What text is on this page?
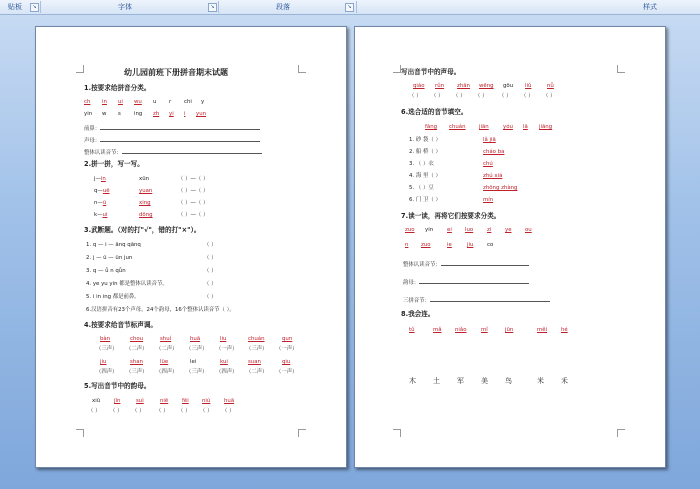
贴板	↘	字体	↘	段落	↘	样式
幼儿园前班下册拼音期末试题
1.按要求给拼音分类。
ch in ui wu u r chi y
yin w s ing zh yi i yun
前鼻：
声母：
整体认读音节：
2.拼一拼，写一写。
j—in	xūn	（ ）—（ ）
q—uē	yuan	（ ）—（ ）
n—ü	xing	（ ）—（ ）
k—ui	dōng	（ ）—（ ）
3.武断题。（对的打"√"，错的打"×"）。
1. q — i — ānq qānq	（ ）
2. j — ü — ün jun	（ ）
3. q — ǖ n qǖn	（ ）
4. ye yu yin 都是整体认读音节。	（ ）
5. i in ing 都是前鼻。	（ ）
6.汉语拼音有23个声母，24个韵母，16个整体认读音节（ ）。
4.按要求给音节标声调。
bàn	chou	shuí	huā	liu	chuán	qun
（三声） （二声） （二声） （三声） （一声） （三声） （一声）
jiu	shan	lüe	lei	kui	suan	qiu
（四声） （三声） （四声） （三声） （四声） （二声） （一声）
5.写出音节中的韵母。
xiū	jīn	suì	niē	fēi niú	huā
（ ） （ ） （ ） （ ） （ ） （ ） （ ）
写出音节中的声母。
qiáo rǔn zhān wēng gōu liǔ	nǚ
（ ） （ ） （ ） （ ） （ ） （ ） （ ）
6.选合适的音节填空。
fāng chuán jiān	yóu lā jiāng
1. 砂 袋（ ）	lǎ jiā
2. 船 桥（ ）	cháo ba
3. （ ）衣	chú
4. 海 里（ ）	zhú xiá
5. （ ）豆	zhōng zhàng
6. 门 卫（ ）	mín
7.读一读，再将它们按要求分类。
zuo yin	ei luo	zi	ye ou
n zuo	ie	jiu	co
整体认读音节：
韵母：
三拼音节：
8.我会连。
tǔ	mǎ niǎo	mǐ	jūn	měi	hé
木 土 军 美 鸟	米 禾
